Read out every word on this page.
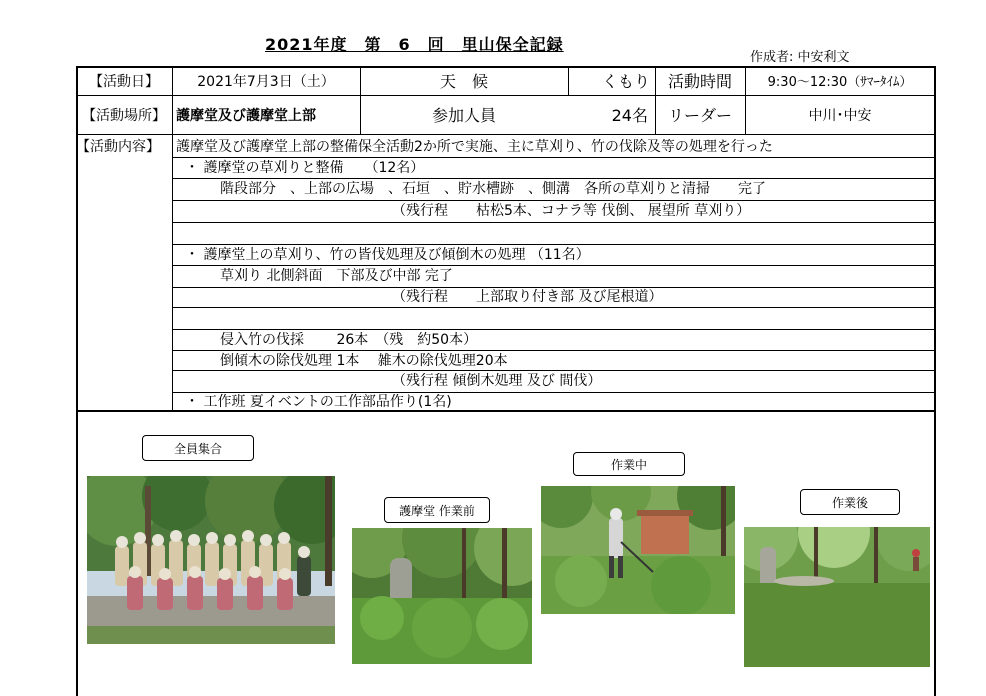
2021年度　第　6　回　里山保全記録
作成者: 中安利文
【活動日】	2021年7月3日（土）	天　候	くもり	活動時間	9:30～12:30（ｻﾏｰﾀｲﾑ）
【活動場所】 護摩堂及び護摩堂上部	参加人員	24名	リーダー	中川･中安
【活動内容】	護摩堂及び護摩堂上部の整備保全活動2か所で実施、主に草刈り、竹の伐除及等の処理を行った
・ 護摩堂の草刈りと整備　　（12名）
階段部分　、上部の広場　、石垣　、貯水槽跡　、側溝　各所の草刈りと清掃　　完了
（残行程　　枯松5本、コナラ等 伐倒、 展望所 草刈り）
・ 護摩堂上の草刈り、竹の皆伐処理及び傾倒木の処理 （11名）
草刈り 北側斜面　下部及び中部 完了
（残行程　　上部取り付き部 及び尾根道）
侵入竹の伐採　　 26本　（残　約50本）
倒傾木の除伐処理 1本　 雑木の除伐処理20本
（残行程 傾倒木処理 及び 間伐）
・ 工作班 夏イベントの工作部品作り(1名)
全員集合
護摩堂 作業前
作業中
作業後
